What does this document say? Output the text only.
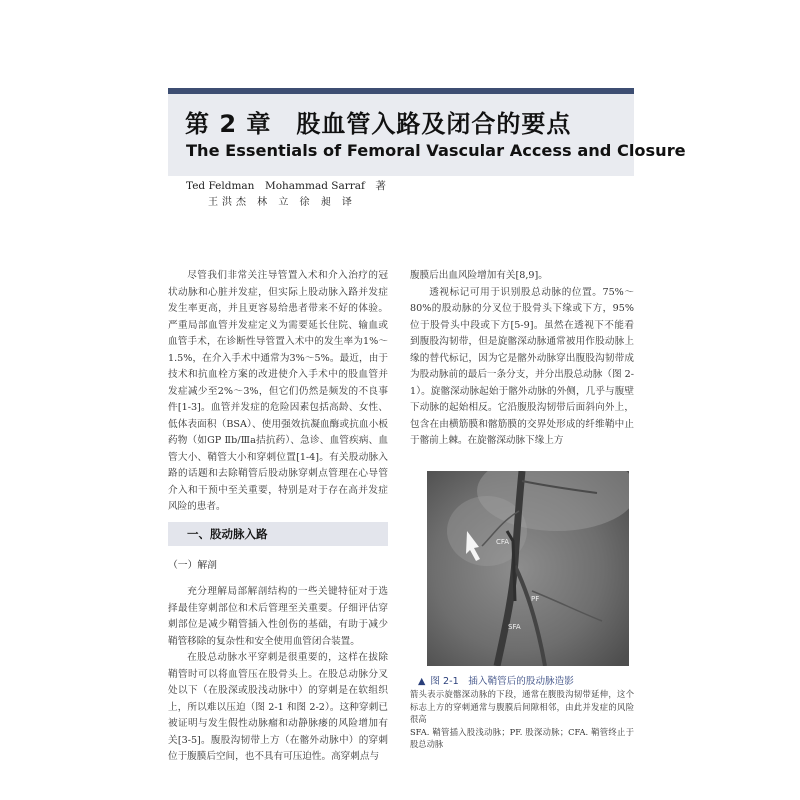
第 2 章　股血管入路及闭合的要点
The Essentials of Femoral Vascular Access and Closure
Ted Feldman　Mohammad Sarraf　著
王洪杰 林 立 徐 昶 译

尽管我们非常关注导管置入术和介入治疗的冠状动脉和心脏并发症，但实际上股动脉入路并发症发生率更高，并且更容易给患者带来不好的体验。严重局部血管并发症定义为需要延长住院、输血或血管手术，在诊断性导管置入术中的发生率为1%～1.5%，在介入手术中通常为3%～5%。最近，由于技术和抗血栓方案的改进使介入手术中的股血管并发症减少至2%～3%，但它们仍然是频发的不良事件[1-3]。血管并发症的危险因素包括高龄、女性、低体表面积（BSA）、使用强效抗凝血酶或抗血小板药物（如GP Ⅱb/Ⅲa拮抗药）、急诊、血管疾病、血管大小、鞘管大小和穿刺位置[1-4]。有关股动脉入路的话题和去除鞘管后股动脉穿刺点管理在心导管介入和干预中至关重要，特别是对于存在高并发症风险的患者。

一、股动脉入路
（一）解剖

充分理解局部解剖结构的一些关键特征对于选择最佳穿刺部位和术后管理至关重要。仔细评估穿刺部位是减少鞘管插入性创伤的基础，有助于减少鞘管移除的复杂性和安全使用血管闭合装置。

在股总动脉水平穿刺是很重要的，这样在拔除鞘管时可以将血管压在股骨头上。在股总动脉分叉处以下（在股深或股浅动脉中）的穿刺是在软组织上，所以难以压迫（图 2-1 和图 2-2）。这种穿刺已被证明与发生假性动脉瘤和动静脉瘘的风险增加有关[3-5]。腹股沟韧带上方（在髂外动脉中）的穿刺位于腹膜后空间，也不具有可压迫性。高穿刺点与

腹膜后出血风险增加有关[8,9]。

透视标记可用于识别股总动脉的位置。75%～80%的股动脉的分叉位于股骨头下缘或下方，95%位于股骨头中段或下方[5-9]。虽然在透视下不能看到腹股沟韧带，但是旋髂深动脉通常被用作股动脉上缘的替代标记，因为它是髂外动脉穿出腹股沟韧带成为股动脉前的最后一条分支，并分出股总动脉（图 2-1）。旋髂深动脉起始于髂外动脉的外侧，几乎与腹壁下动脉的起始相反。它沿腹股沟韧带后面斜向外上，包含在由横筋膜和髂筋膜的交界处形成的纤维鞘中止于髂前上棘。在旋髂深动脉下缘上方

CFA
PF
SFA
▲ 图 2-1　插入鞘管后的股动脉造影

箭头表示旋髂深动脉的下段，通常在腹股沟韧带延伸，这个标志上方的穿刺通常与腹膜后间隙相邻，由此并发症的风险很高

SFA. 鞘管插入股浅动脉；PF. 股深动脉；CFA. 鞘管终止于股总动脉
